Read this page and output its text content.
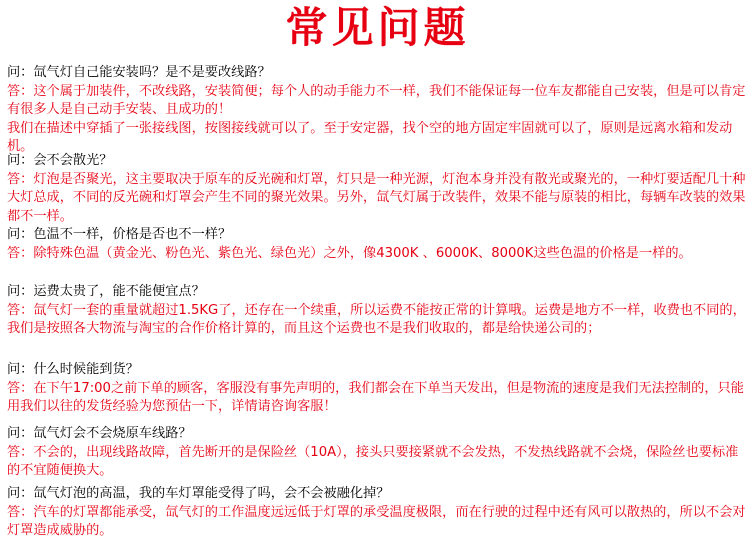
常见问题
问：氙气灯自己能安装吗？是不是要改线路？
答：这个属于加装件，不改线路，安装简便；每个人的动手能力不一样，我们不能保证每一位车友都能自己安装，但是可以肯定有很多人是自己动手安装、且成功的！
我们在描述中穿插了一张接线图，按图接线就可以了。至于安定器，找个空的地方固定牢固就可以了，原则是远离水箱和发动机。
问：会不会散光？
答：灯泡是否聚光，这主要取决于原车的反光碗和灯罩，灯只是一种光源，灯泡本身并没有散光或聚光的，一种灯要适配几十种大灯总成，不同的反光碗和灯罩会产生不同的聚光效果。另外，氙气灯属于改装件，效果不能与原装的相比，每辆车改装的效果都不一样。
问：色温不一样，价格是否也不一样？
答：除特殊色温（黄金光、粉色光、紫色光、绿色光）之外，像4300K 、6000K、8000K这些色温的价格是一样的。
问：运费太贵了，能不能便宜点？
答：氙气灯一套的重量就超过1.5KG了，还存在一个续重，所以运费不能按正常的计算哦。运费是地方不一样，收费也不同的，我们是按照各大物流与淘宝的合作价格计算的，而且这个运费也不是我们收取的，都是给快递公司的；
问：什么时候能到货？
答：在下午17:00之前下单的顾客，客服没有事先声明的，我们都会在下单当天发出，但是物流的速度是我们无法控制的，只能用我们以往的发货经验为您预估一下，详情请咨询客服！
问：氙气灯会不会烧原车线路？
答：不会的，出现线路故障，首先断开的是保险丝（10A），接头只要接紧就不会发热，不发热线路就不会烧，保险丝也要标准的不宜随便换大。
问：氙气灯泡的高温，我的车灯罩能受得了吗，会不会被融化掉？
答：汽车的灯罩都能承受，氙气灯的工作温度远远低于灯罩的承受温度极限，而在行驶的过程中还有风可以散热的，所以不会对灯罩造成威胁的。
